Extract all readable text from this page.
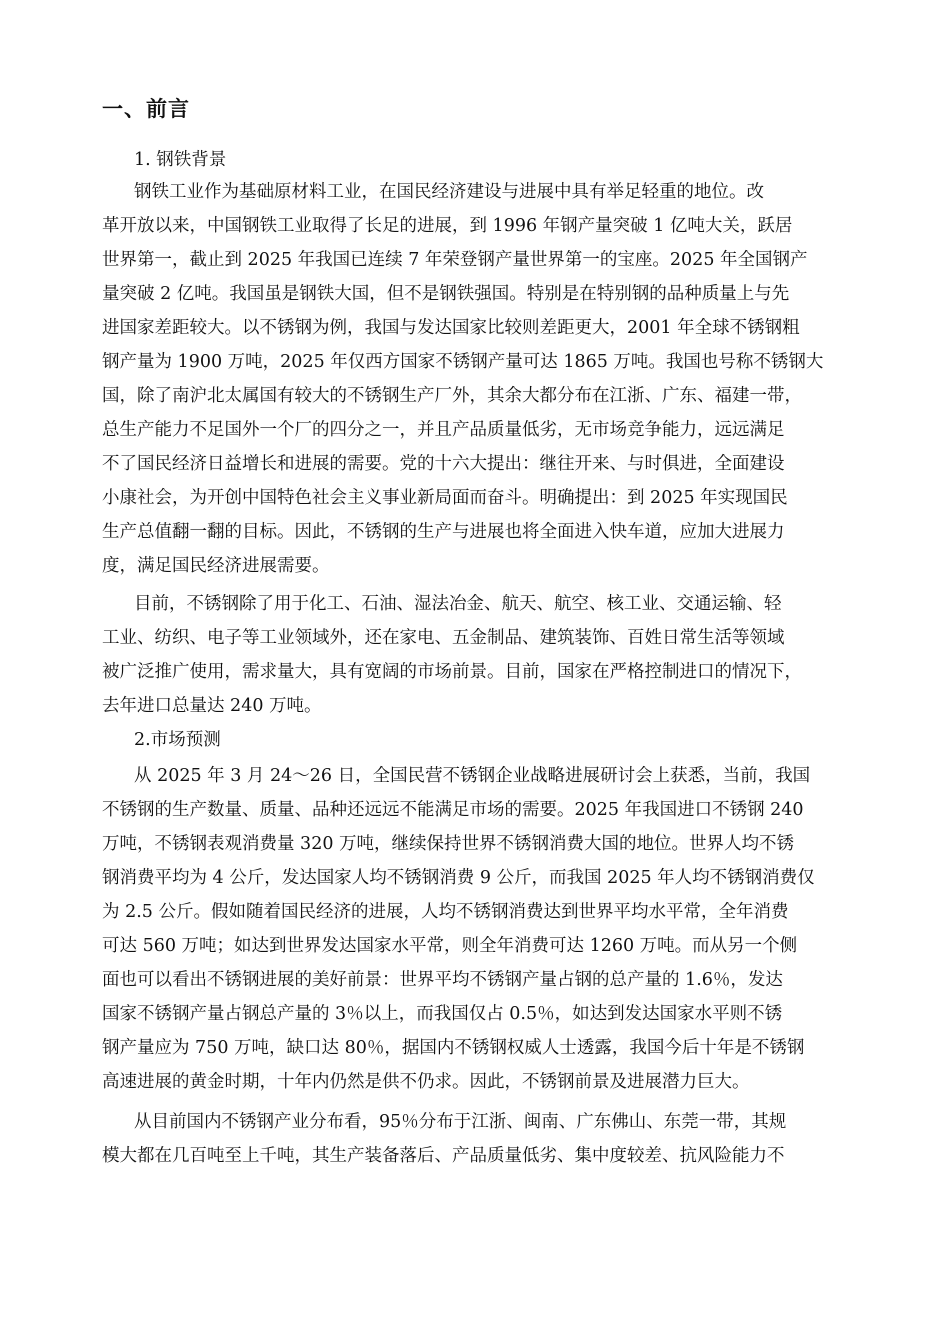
一、前言
1. 钢铁背景
钢铁工业作为基础原材料工业，在国民经济建设与进展中具有举足轻重的地位。改
革开放以来，中国钢铁工业取得了长足的进展，到 1996 年钢产量突破 1 亿吨大关，跃居
世界第一，截止到 2025 年我国已连续 7 年荣登钢产量世界第一的宝座。2025 年全国钢产
量突破 2 亿吨。我国虽是钢铁大国，但不是钢铁强国。特别是在特别钢的品种质量上与先
进国家差距较大。以不锈钢为例，我国与发达国家比较则差距更大，2001 年全球不锈钢粗
钢产量为 1900 万吨，2025 年仅西方国家不锈钢产量可达 1865 万吨。我国也号称不锈钢大
国，除了南沪北太属国有较大的不锈钢生产厂外，其余大都分布在江浙、广东、福建一带，
总生产能力不足国外一个厂的四分之一，并且产品质量低劣，无市场竞争能力，远远满足
不了国民经济日益增长和进展的需要。党的十六大提出：继往开来、与时俱进，全面建设
小康社会，为开创中国特色社会主义事业新局面而奋斗。明确提出：到 2025 年实现国民
生产总值翻一翻的目标。因此，不锈钢的生产与进展也将全面进入快车道，应加大进展力
度，满足国民经济进展需要。
目前，不锈钢除了用于化工、石油、湿法冶金、航天、航空、核工业、交通运输、轻
工业、纺织、电子等工业领域外，还在家电、五金制品、建筑装饰、百姓日常生活等领域
被广泛推广使用，需求量大，具有宽阔的市场前景。目前，国家在严格控制进口的情况下，
去年进口总量达 240 万吨。
2.市场预测
从 2025 年 3 月 24～26 日，全国民营不锈钢企业战略进展研讨会上获悉，当前，我国
不锈钢的生产数量、质量、品种还远远不能满足市场的需要。2025 年我国进口不锈钢 240
万吨，不锈钢表观消费量 320 万吨，继续保持世界不锈钢消费大国的地位。世界人均不锈
钢消费平均为 4 公斤，发达国家人均不锈钢消费 9 公斤，而我国 2025 年人均不锈钢消费仅
为 2.5 公斤。假如随着国民经济的进展，人均不锈钢消费达到世界平均水平常，全年消费
可达 560 万吨；如达到世界发达国家水平常，则全年消费可达 1260 万吨。而从另一个侧
面也可以看出不锈钢进展的美好前景：世界平均不锈钢产量占钢的总产量的 1.6％，发达
国家不锈钢产量占钢总产量的 3％以上，而我国仅占 0.5％，如达到发达国家水平则不锈
钢产量应为 750 万吨，缺口达 80％，据国内不锈钢权威人士透露，我国今后十年是不锈钢
高速进展的黄金时期，十年内仍然是供不仍求。因此，不锈钢前景及进展潜力巨大。
从目前国内不锈钢产业分布看，95％分布于江浙、闽南、广东佛山、东莞一带，其规
模大都在几百吨至上千吨，其生产装备落后、产品质量低劣、集中度较差、抗风险能力不
